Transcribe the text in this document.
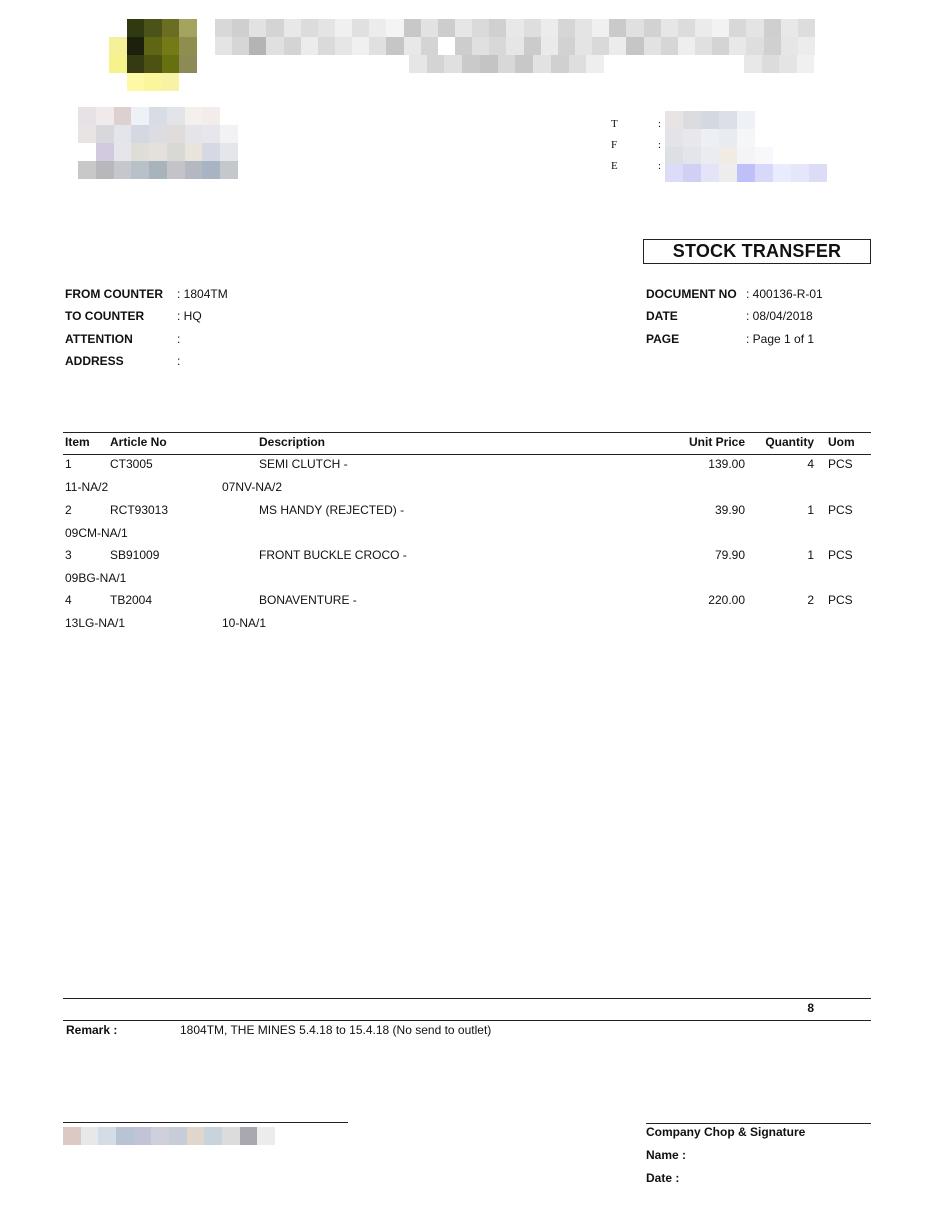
T
F
E
:
:
:
STOCK TRANSFER
FROM COUNTER : 1804TM
TO COUNTER	: HQ
ATTENTION	:
ADDRESS	:
DOCUMENT NO : 400136-R-01
DATE	: 08/04/2018
PAGE	: Page 1 of 1
Item Article No	Description	Unit Price	Quantity Uom
1	CT3005	SEMI CLUTCH -	139.00	4 PCS
11-NA/2	07NV-NA/2
2	RCT93013	MS HANDY (REJECTED) -	39.90	1 PCS
09CM-NA/1
3	SB91009	FRONT BUCKLE CROCO -	79.90	1 PCS
09BG-NA/1
4	TB2004	BONAVENTURE -	220.00	2 PCS
13LG-NA/1	10-NA/1
8
Remark :	1804TM, THE MINES 5.4.18 to 15.4.18 (No send to outlet)
Company Chop & Signature
Name :
Date :
